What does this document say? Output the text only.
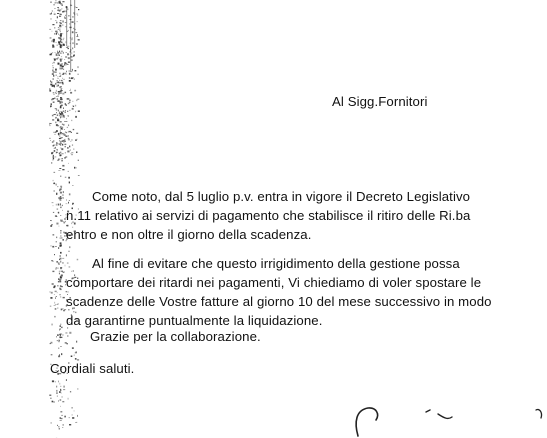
Al Sigg.Fornitori
Come noto, dal 5 luglio p.v. entra in vigore il Decreto Legislativo
n.11 relativo ai servizi di pagamento che stabilisce il ritiro delle Ri.ba
entro e non oltre il giorno della scadenza.
Al fine di evitare che questo irrigidimento della gestione possa
comportare dei ritardi nei pagamenti, Vi chiediamo di voler spostare le
scadenze delle Vostre fatture al giorno 10 del mese successivo in modo
da garantirne puntualmente la liquidazione.
Grazie per la collaborazione.
Cordiali saluti.
